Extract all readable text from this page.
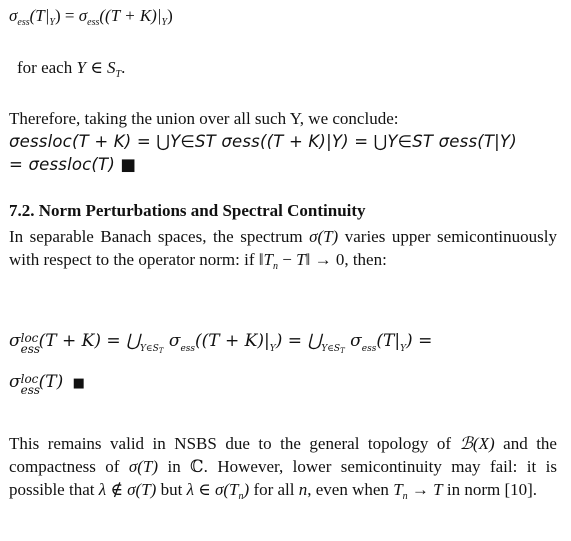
$\sigma_{ess}(T|_Y) = \sigma_{ess}((T + K)|_Y)$
for each Y ∈ $S_T$.
Therefore, taking the union over all such Y, we conclude:
σessloc(T + K) = ⋃Y∈ST σess((T + K)|Y) = ⋃Y∈ST σess(T|Y)
= σessloc(T) ■
7.2. Norm Perturbations and Spectral Continuity
In separable Banach spaces, the spectrum σ(T) varies upper semicontinuously with respect to the operator norm: if $‖T_n$ − T‖ → 0, then:
σ loc
ess
$(T + K) = ⋃_{Y\in ST}$ $\sigma_{ess}((T + K)|_Y)$ = $⋃_{Y\in ST}$ $\sigma_{ess}(T|_Y)$ =
σ loc
ess
(T) ■
This remains valid in NSBS due to the general topology of ℬ(X) and the compactness of σ(T) in ℂ. However, lower semicontinuity may fail: it is possible that λ ∉ σ(T) but λ ∈ $\sigma(T_n)$ for all n, even when $T_n \to T$ in norm [10].
